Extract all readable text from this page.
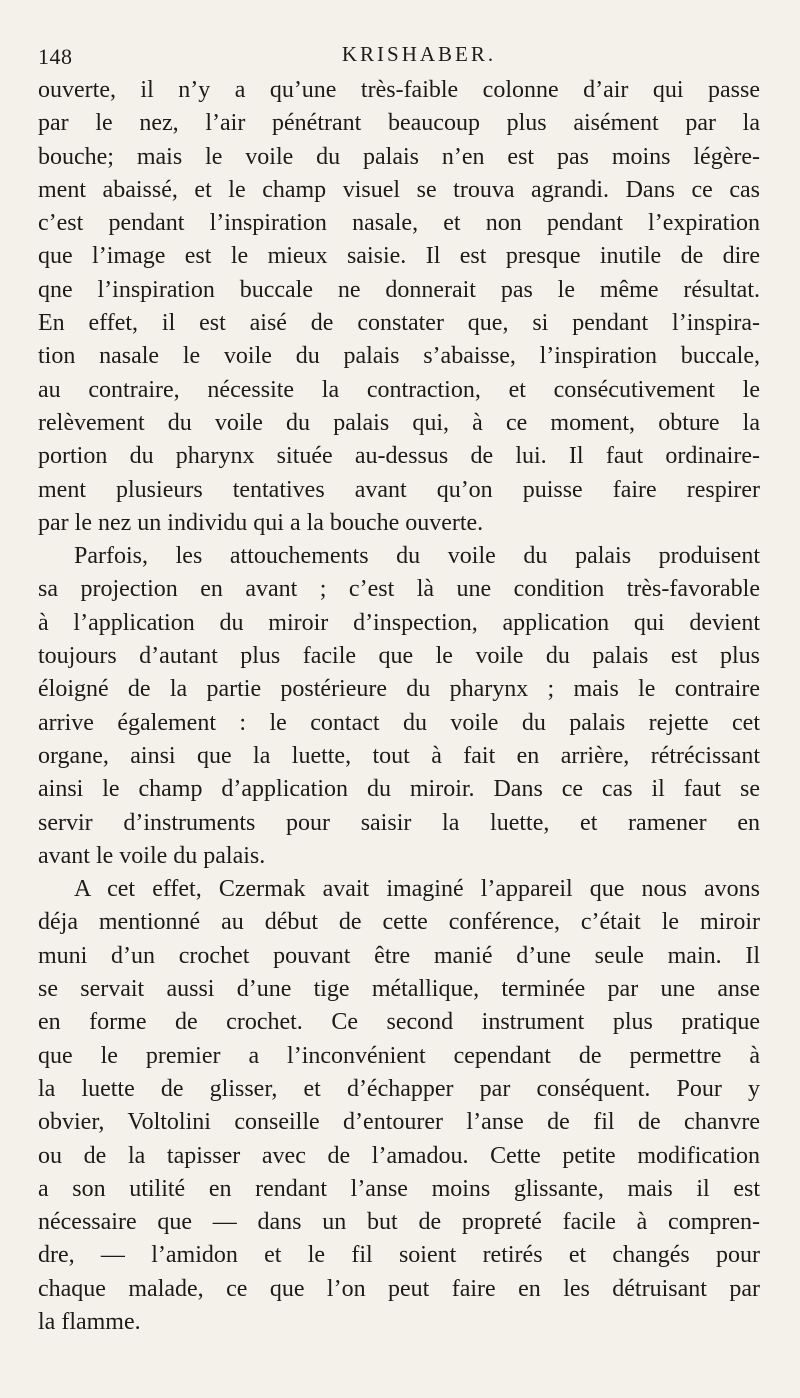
148	KRISHABER.

ouverte, il n’y a qu’une très-faible colonne d’air qui passe
par le nez, l’air pénétrant beaucoup plus aisément par la
bouche; mais le voile du palais n’en est pas moins légère-
ment abaissé, et le champ visuel se trouva agrandi. Dans ce cas
c’est pendant l’inspiration nasale, et non pendant l’expiration
que l’image est le mieux saisie. Il est presque inutile de dire
qne l’inspiration buccale ne donnerait pas le même résultat.
En effet, il est aisé de constater que, si pendant l’inspira-
tion nasale le voile du palais s’abaisse, l’inspiration buccale,
au contraire, nécessite la contraction, et consécutivement le
relèvement du voile du palais qui, à ce moment, obture la
portion du pharynx située au-dessus de lui. Il faut ordinaire-
ment plusieurs tentatives avant qu’on puisse faire respirer
par le nez un individu qui a la bouche ouverte.

Parfois, les attouchements du voile du palais produisent
sa projection en avant ; c’est là une condition très-favorable
à l’application du miroir d’inspection, application qui devient
toujours d’autant plus facile que le voile du palais est plus
éloigné de la partie postérieure du pharynx ; mais le contraire
arrive également : le contact du voile du palais rejette cet
organe, ainsi que la luette, tout à fait en arrière, rétrécissant
ainsi le champ d’application du miroir. Dans ce cas il faut se
servir d’instruments pour saisir la luette, et ramener en
avant le voile du palais.

A cet effet, Czermak avait imaginé l’appareil que nous avons
déja mentionné au début de cette conférence, c’était le miroir
muni d’un crochet pouvant être manié d’une seule main. Il
se servait aussi d’une tige métallique, terminée par une anse
en forme de crochet. Ce second instrument plus pratique
que le premier a l’inconvénient cependant de permettre à
la luette de glisser, et d’échapper par conséquent. Pour y
obvier, Voltolini conseille d’entourer l’anse de fil de chanvre
ou de la tapisser avec de l’amadou. Cette petite modification
a son utilité en rendant l’anse moins glissante, mais il est
nécessaire que — dans un but de propreté facile à compren-
dre, — l’amidon et le fil soient retirés et changés pour
chaque malade, ce que l’on peut faire en les détruisant par
la flamme.
